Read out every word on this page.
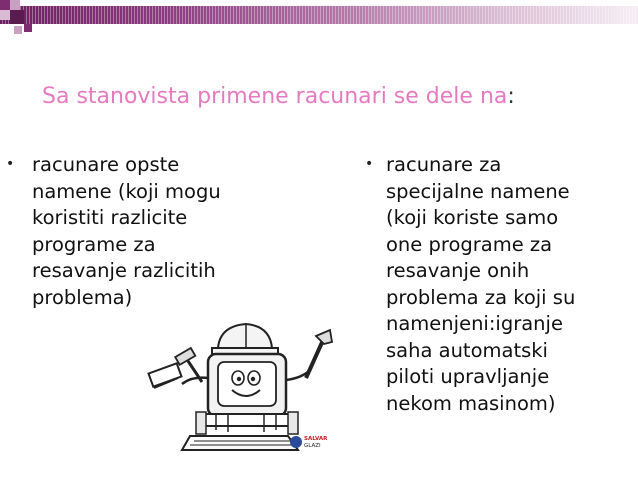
Sa stanovista primene racunari se dele na:
• racunare opste
namene (koji mogu
koristiti razlicite
programe za
resavanje razlicitih
problema)
• racunare za
specijalne namene
(koji koriste samo
one programe za
resavanje onih
problema za koji su
namenjeni:igranje
saha automatski
piloti upravljanje
nekom masinom)
SALVAR
GLAZI
